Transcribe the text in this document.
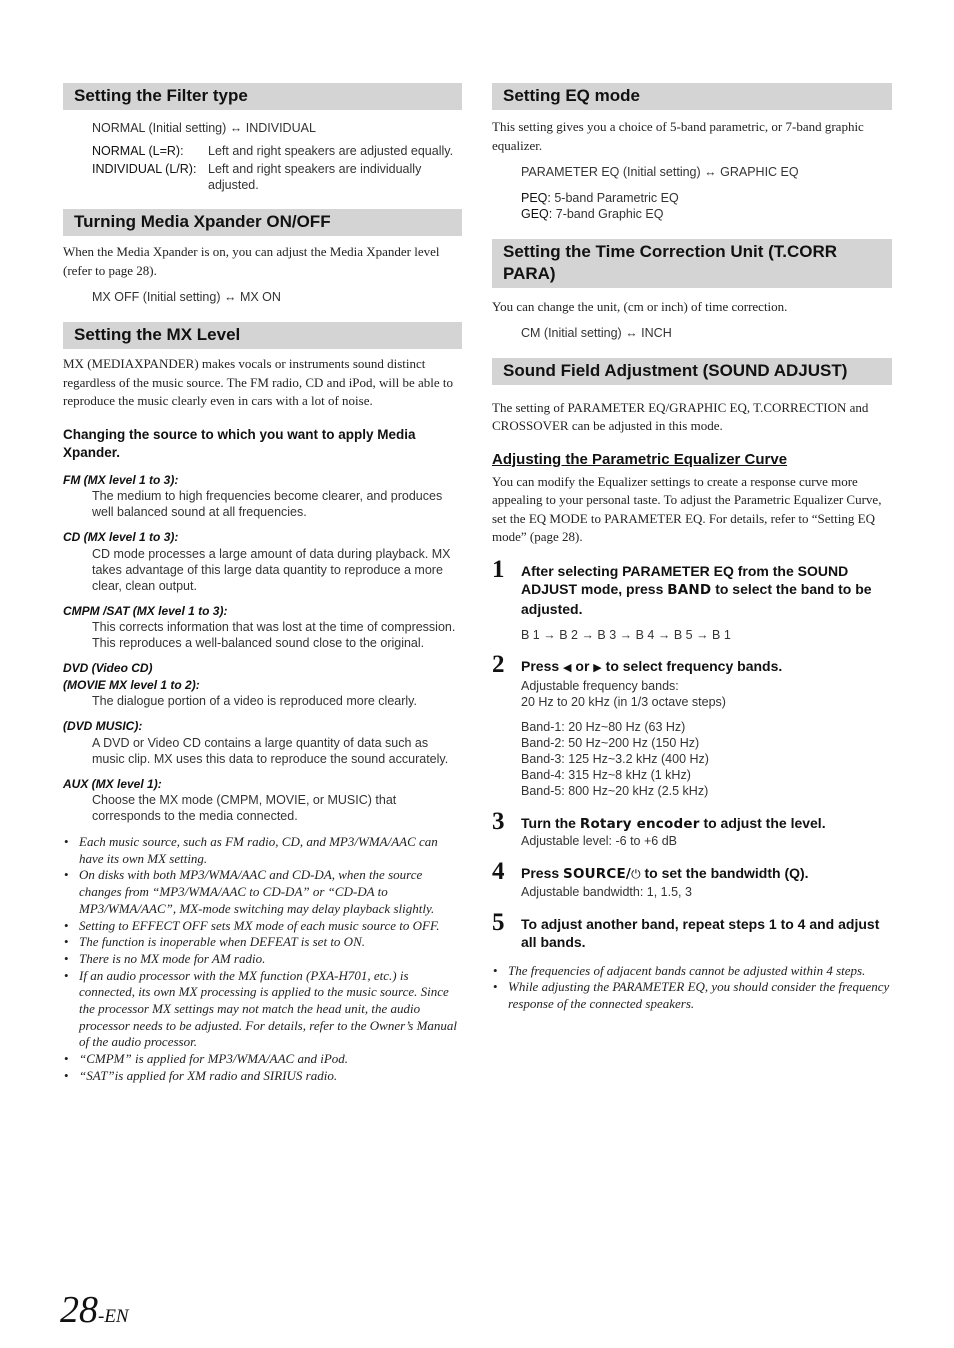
Setting the Filter type
NORMAL (Initial setting) ↔ INDIVIDUAL
NORMAL (L=R):	Left and right speakers are adjusted equally.
INDIVIDUAL (L/R):	Left and right speakers are individually adjusted.
Turning Media Xpander ON/OFF

When the Media Xpander is on, you can adjust the Media Xpander level (refer to page 28).

MX OFF (Initial setting) ↔ MX ON
Setting the MX Level

MX (MEDIAXPANDER) makes vocals or instruments sound distinct regardless of the music source. The FM radio, CD and iPod, will be able to reproduce the music clearly even in cars with a lot of noise.

Changing the source to which you want to apply Media Xpander.

FM (MX level 1 to 3):

The medium to high frequencies become clearer, and produces well balanced sound at all frequencies.

CD (MX level 1 to 3):

CD mode processes a large amount of data during playback. MX takes advantage of this large data quantity to reproduce a more clear, clean output.

CMPM /SAT (MX level 1 to 3):

This corrects information that was lost at the time of compression. This reproduces a well-balanced sound close to the original.

DVD (Video CD)

(MOVIE MX level 1 to 2):

The dialogue portion of a video is reproduced more clearly.

(DVD MUSIC):

A DVD or Video CD contains a large quantity of data such as music clip. MX uses this data to reproduce the sound accurately.

AUX (MX level 1):

Choose the MX mode (CMPM, MOVIE, or MUSIC) that corresponds to the media connected.
• Each music source, such as FM radio, CD, and MP3/WMA/AAC can have its own MX setting.
• On disks with both MP3/WMA/AAC and CD-DA, when the source changes from “MP3/WMA/AAC to CD-DA” or “CD-DA to MP3/WMA/AAC”, MX-mode switching may delay playback slightly.
• Setting to EFFECT OFF sets MX mode of each music source to OFF.
• The function is inoperable when DEFEAT is set to ON.
• There is no MX mode for AM radio.
• If an audio processor with the MX function (PXA-H701, etc.) is connected, its own MX processing is applied to the music source. Since the processor MX settings may not match the head unit, the audio processor needs to be adjusted. For details, refer to the Owner’s Manual of the audio processor.
• “CMPM” is applied for MP3/WMA/AAC and iPod.
• “SAT”is applied for XM radio and SIRIUS radio.
Setting EQ mode

This setting gives you a choice of 5-band parametric, or 7-band graphic equalizer.

PARAMETER EQ (Initial setting) ↔ GRAPHIC EQ
PEQ: 5-band Parametric EQ
GEQ: 7-band Graphic EQ
Setting the Time Correction Unit (T.CORR PARA)

You can change the unit, (cm or inch) of time correction.

CM (Initial setting) ↔ INCH
Sound Field Adjustment (SOUND ADJUST)

The setting of PARAMETER EQ/GRAPHIC EQ, T.CORRECTION and CROSSOVER can be adjusted in this mode.

Adjusting the Parametric Equalizer Curve

You can modify the Equalizer settings to create a response curve more appealing to your personal taste. To adjust the Parametric Equalizer Curve, set the EQ MODE to PARAMETER EQ. For details, refer to “Setting EQ mode” (page 28).

1 After selecting PARAMETER EQ from the SOUND ADJUST mode, press BAND to select the band to be adjusted.

B 1 → B 2 → B 3 → B 4 → B 5 → B 1
2 Press ◀ or ▶ to select frequency bands.

Adjustable frequency bands:
20 Hz to 20 kHz (in 1/3 octave steps)
Band-1: 20 Hz~80 Hz (63 Hz)
Band-2: 50 Hz~200 Hz (150 Hz)
Band-3: 125 Hz~3.2 kHz (400 Hz)
Band-4: 315 Hz~8 kHz (1 kHz)
Band-5: 800 Hz~20 kHz (2.5 kHz)
3 Turn the Rotary encoder to adjust the level.

Adjustable level: -6 to +6 dB
4 Press SOURCE/⏻ to set the bandwidth (Q).

Adjustable bandwidth: 1, 1.5, 3
5 To adjust another band, repeat steps 1 to 4 and adjust all bands.

• The frequencies of adjacent bands cannot be adjusted within 4 steps.
• While adjusting the PARAMETER EQ, you should consider the frequency response of the connected speakers.
28-EN
